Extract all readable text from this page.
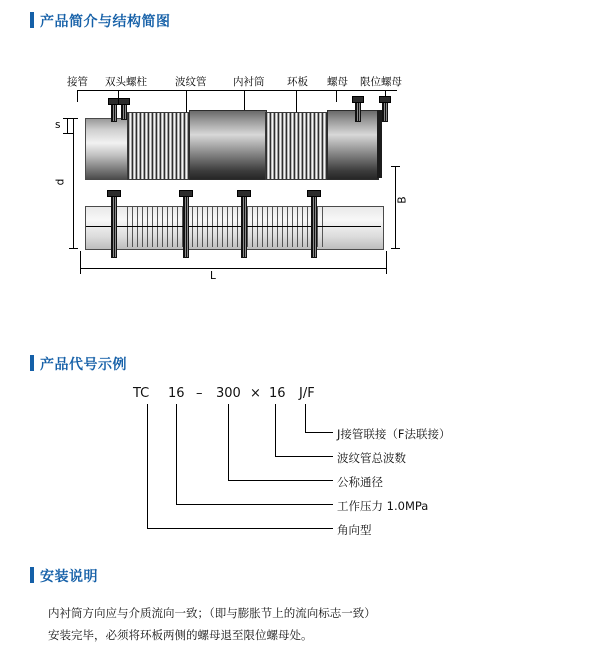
产品简介与结构简图
接管 双头螺柱	波纹管	内衬筒 环板 螺母 限位螺母
s
d
B
L
产品代号示例
TC 16 – 300 × 16 J/F
J接管联接（F法联接）
波纹管总波数
公称通径
工作压力 1.0MPa
角向型
安装说明
内衬筒方向应与介质流向一致；（即与膨胀节上的流向标志一致）
安装完毕，必须将环板两侧的螺母退至限位螺母处。
